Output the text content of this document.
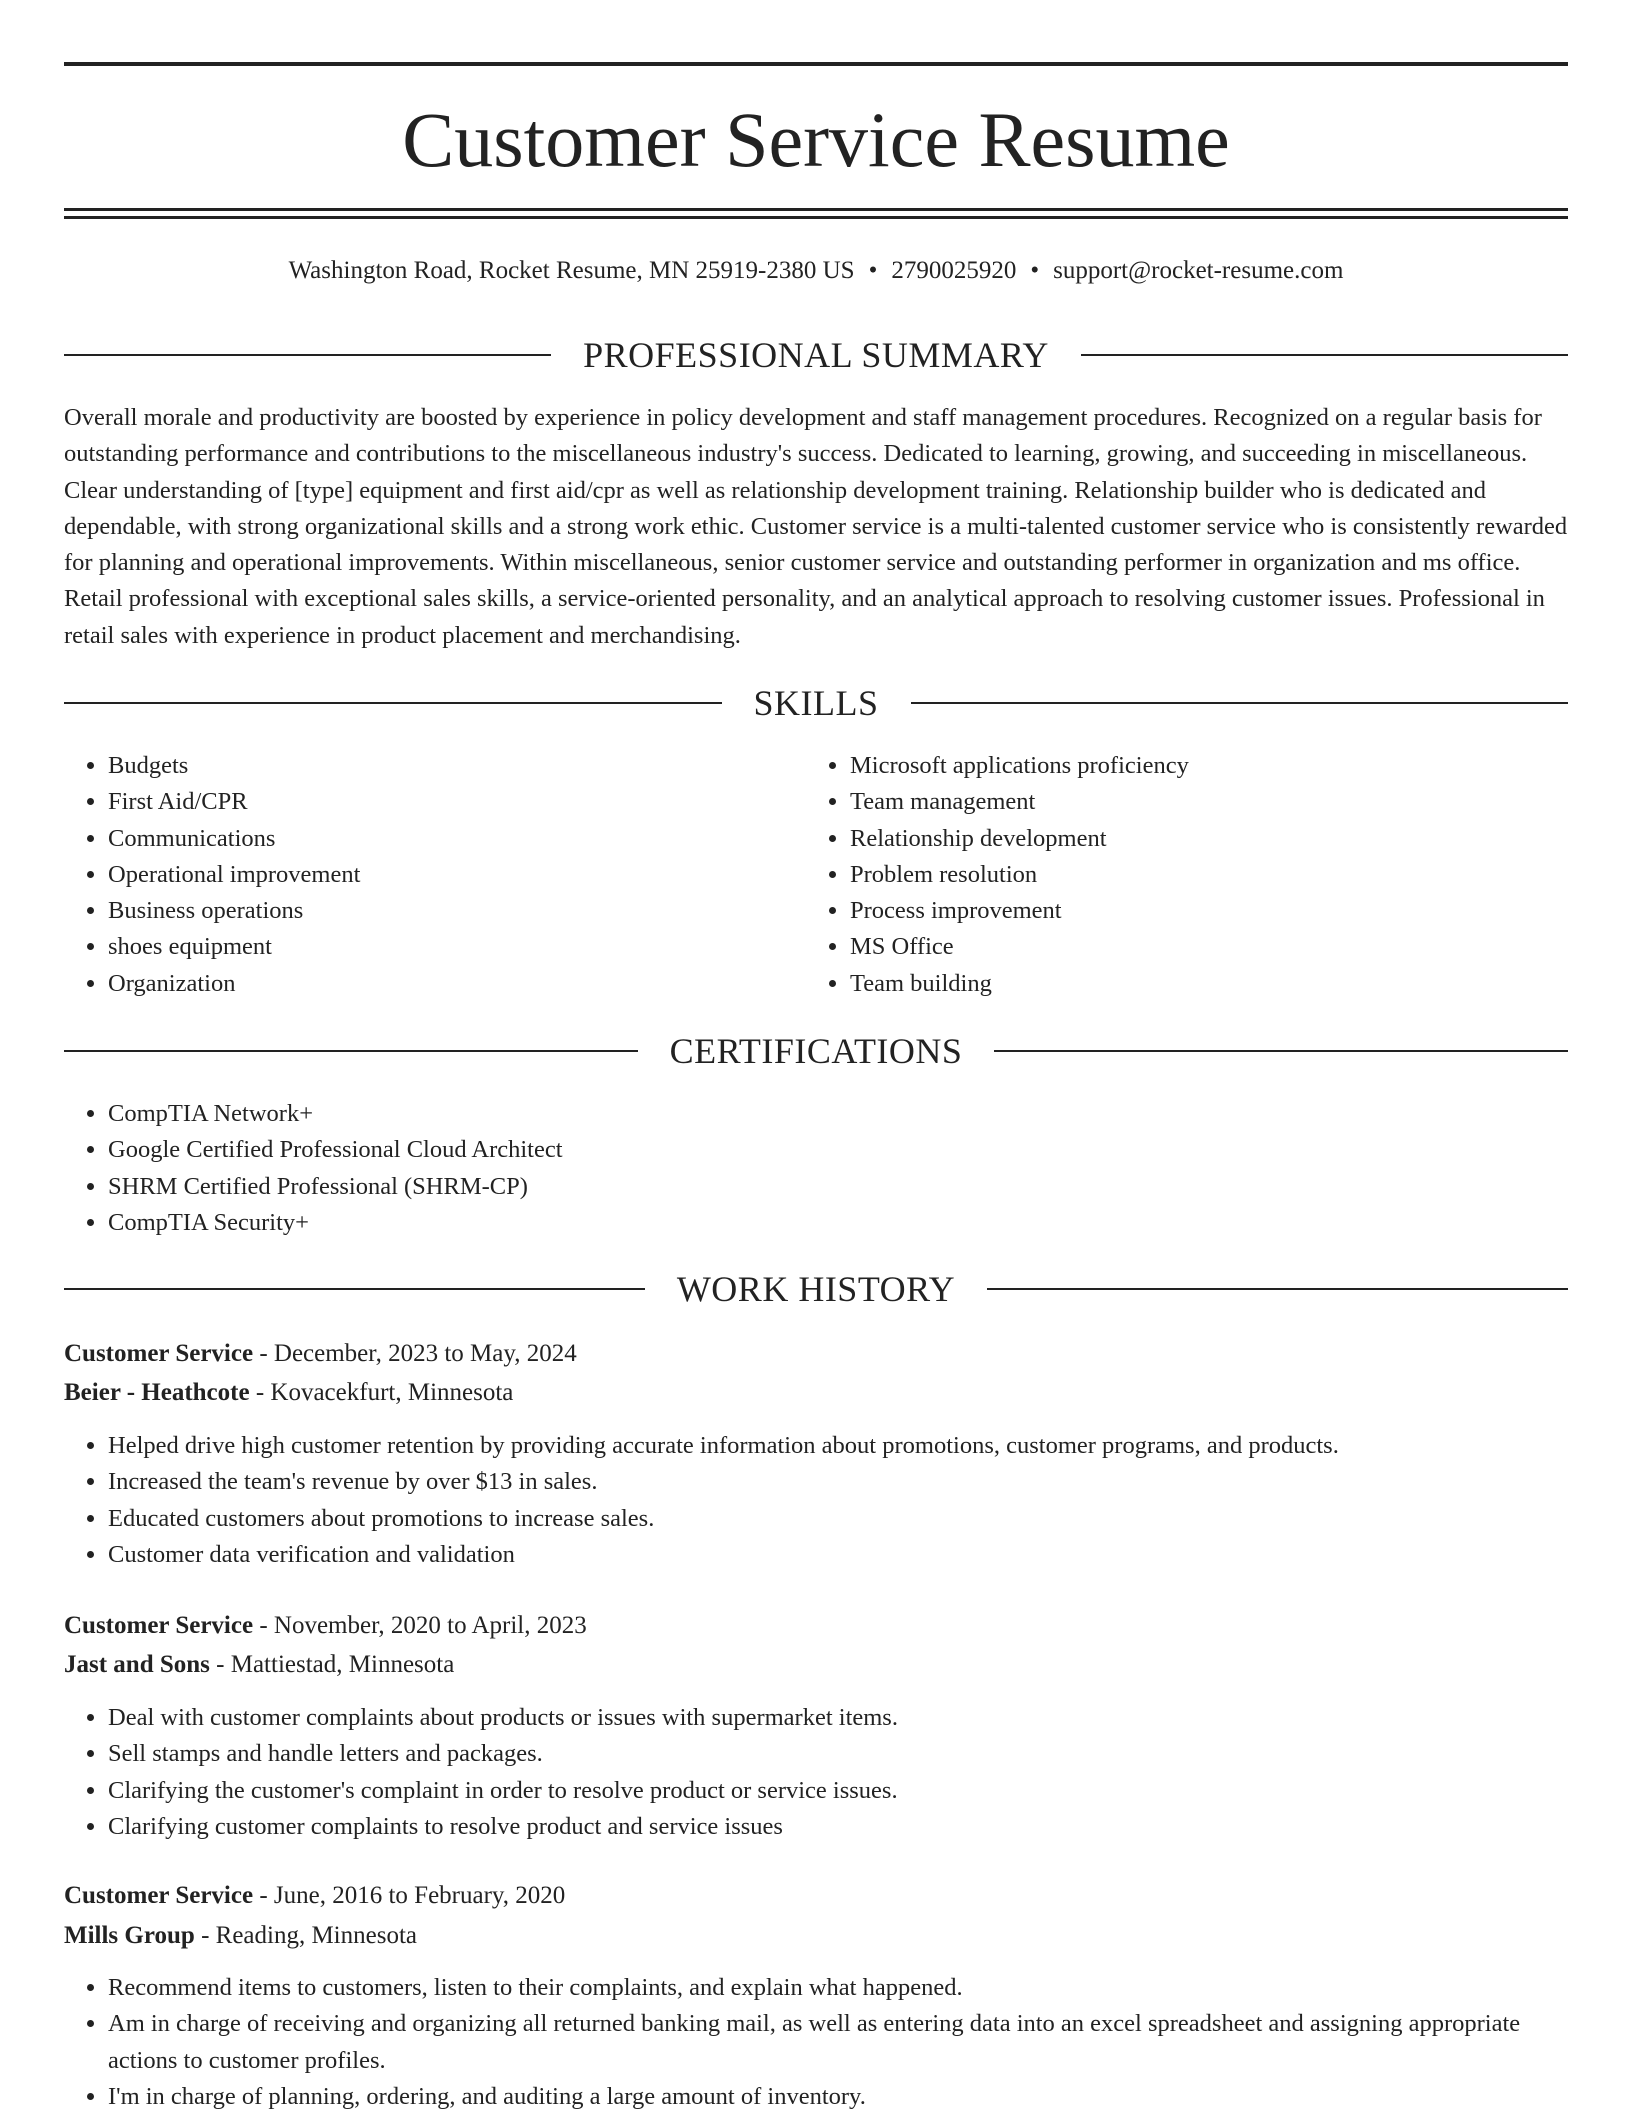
Customer Service Resume
Washington Road, Rocket Resume, MN 25919-2380 US • 2790025920 • support@rocket-resume.com
PROFESSIONAL SUMMARY

Overall morale and productivity are boosted by experience in policy development and staff management procedures. Recognized on a regular basis for outstanding performance and contributions to the miscellaneous industry's success. Dedicated to learning, growing, and succeeding in miscellaneous. Clear understanding of [type] equipment and first aid/cpr as well as relationship development training. Relationship builder who is dedicated and dependable, with strong organizational skills and a strong work ethic. Customer service is a multi-talented customer service who is consistently rewarded for planning and operational improvements. Within miscellaneous, senior customer service and outstanding performer in organization and ms office. Retail professional with exceptional sales skills, a service-oriented personality, and an analytical approach to resolving customer issues. Professional in retail sales with experience in product placement and merchandising.

SKILLS
• Budgets
• First Aid/CPR
• Communications
• Operational improvement
• Business operations
• shoes equipment
• Organization
• Microsoft applications proficiency
• Team management
• Relationship development
• Problem resolution
• Process improvement
• MS Office
• Team building
CERTIFICATIONS
• CompTIA Network+
• Google Certified Professional Cloud Architect
• SHRM Certified Professional (SHRM-CP)
• CompTIA Security+
WORK HISTORY
Customer Service - December, 2023 to May, 2024
Beier - Heathcote - Kovacekfurt, Minnesota
• Helped drive high customer retention by providing accurate information about promotions, customer programs, and products.
• Increased the team's revenue by over $13 in sales.
• Educated customers about promotions to increase sales.
• Customer data verification and validation
Customer Service - November, 2020 to April, 2023
Jast and Sons - Mattiestad, Minnesota
• Deal with customer complaints about products or issues with supermarket items.
• Sell stamps and handle letters and packages.
• Clarifying the customer's complaint in order to resolve product or service issues.
• Clarifying customer complaints to resolve product and service issues
Customer Service - June, 2016 to February, 2020
Mills Group - Reading, Minnesota
• Recommend items to customers, listen to their complaints, and explain what happened.
• Am in charge of receiving and organizing all returned banking mail, as well as entering data into an excel spreadsheet and assigning appropriate actions to customer profiles.
• I'm in charge of planning, ordering, and auditing a large amount of inventory.
